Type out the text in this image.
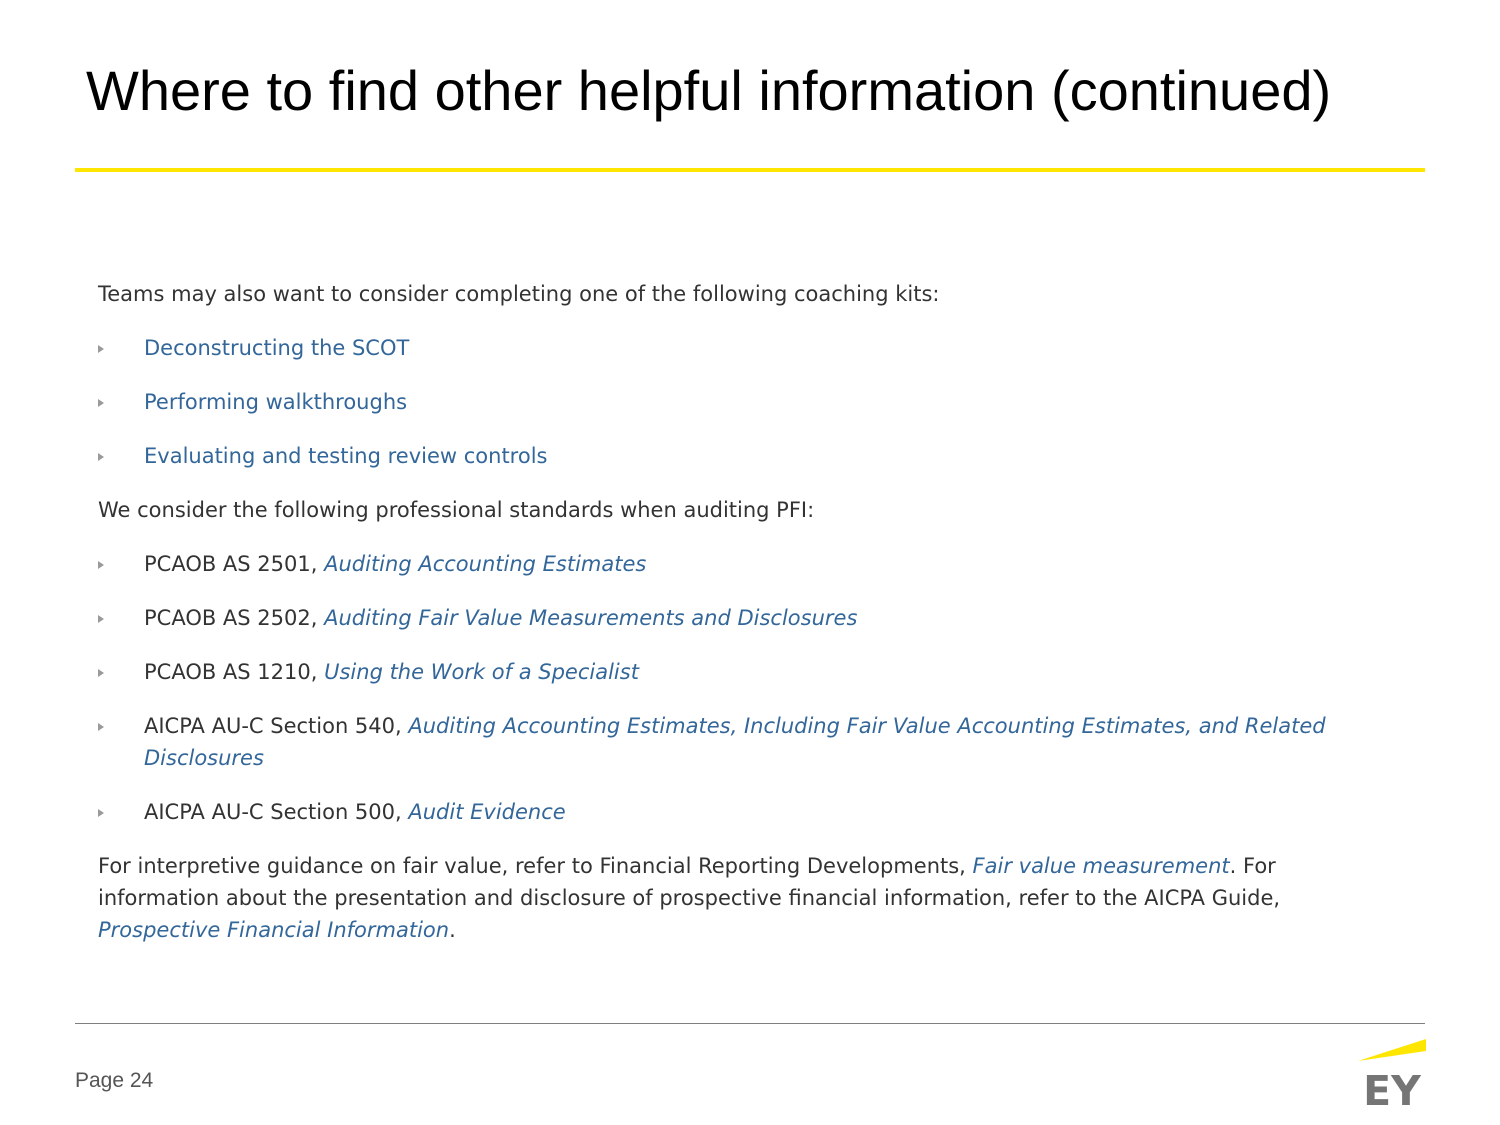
Where to find other helpful information (continued)

Teams may also want to consider completing one of the following coaching kits:

Deconstructing the SCOT
Performing walkthroughs
Evaluating and testing review controls

We consider the following professional standards when auditing PFI:

PCAOB AS 2501, Auditing Accounting Estimates
PCAOB AS 2502, Auditing Fair Value Measurements and Disclosures
PCAOB AS 1210, Using the Work of a Specialist
AICPA AU-C Section 540, Auditing Accounting Estimates, Including Fair Value Accounting Estimates, and Related Disclosures
AICPA AU-C Section 500, Audit Evidence

For interpretive guidance on fair value, refer to Financial Reporting Developments, Fair value measurement. For information about the presentation and disclosure of prospective financial information, refer to the AICPA Guide, Prospective Financial Information.

Page 24	EY
